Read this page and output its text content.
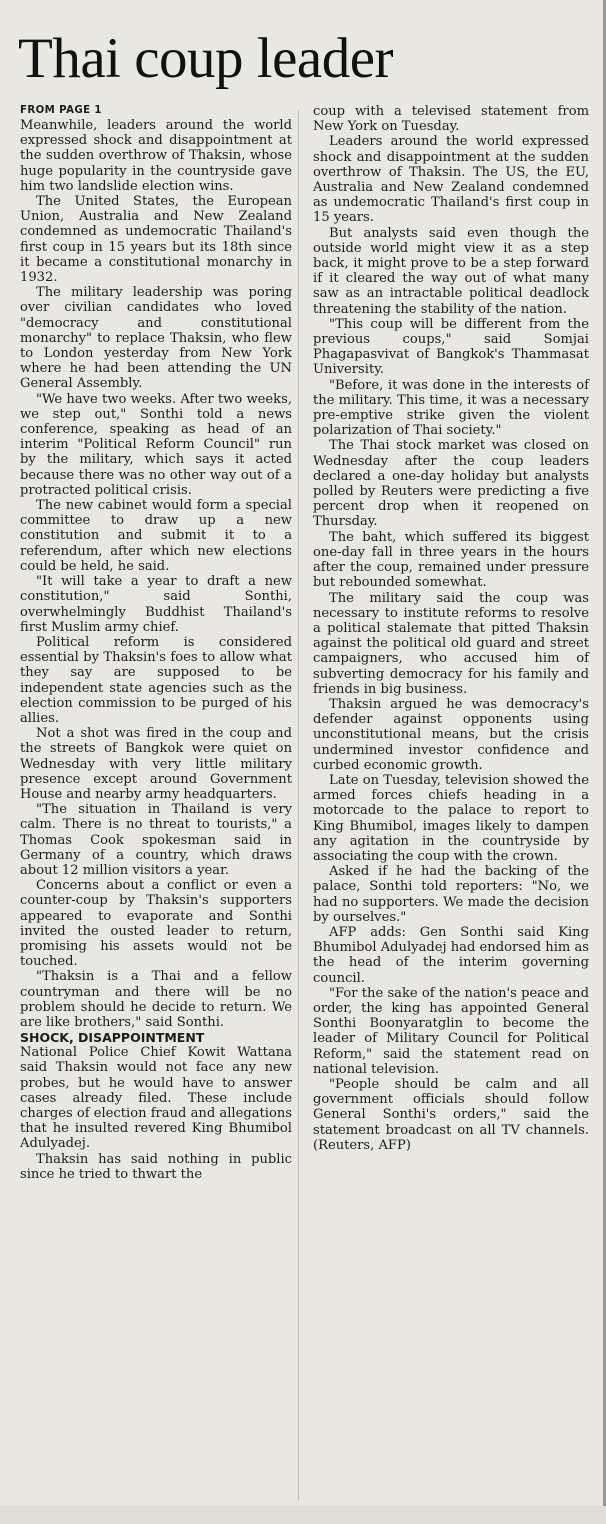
Thai coup leader
FROM PAGE 1

Meanwhile, leaders around the world expressed shock and disappointment at the sudden overthrow of Thaksin, whose huge popularity in the countryside gave him two landslide election wins.

The United States, the European Union, Australia and New Zealand condemned as undemocratic Thailand's first coup in 15 years but its 18th since it became a constitutional monarchy in 1932.

The military leadership was poring over civilian candidates who loved "democracy and constitutional monarchy" to replace Thaksin, who flew to London yesterday from New York where he had been attending the UN General Assembly.

"We have two weeks. After two weeks, we step out," Sonthi told a news conference, speaking as head of an interim "Political Reform Council" run by the military, which says it acted because there was no other way out of a protracted political crisis.

The new cabinet would form a special committee to draw up a new constitution and submit it to a referendum, after which new elections could be held, he said.

"It will take a year to draft a new constitution," said Sonthi, overwhelmingly Buddhist Thailand's first Muslim army chief.

Political reform is considered essential by Thaksin's foes to allow what they say are supposed to be independent state agencies such as the election commission to be purged of his allies.

Not a shot was fired in the coup and the streets of Bangkok were quiet on Wednesday with very little military presence except around Government House and nearby army headquarters.

"The situation in Thailand is very calm. There is no threat to tourists," a Thomas Cook spokesman said in Germany of a country, which draws about 12 million visitors a year.

Concerns about a conflict or even a counter-coup by Thaksin's supporters appeared to evaporate and Sonthi invited the ousted leader to return, promising his assets would not be touched.

"Thaksin is a Thai and a fellow countryman and there will be no problem should he decide to return. We are like brothers," said Sonthi.

SHOCK, DISAPPOINTMENT

National Police Chief Kowit Wattana said Thaksin would not face any new probes, but he would have to answer cases already filed. These include charges of election fraud and allegations that he insulted revered King Bhumibol Adulyadej.

Thaksin has said nothing in public since he tried to thwart the

coup with a televised statement from New York on Tuesday.

Leaders around the world expressed shock and disappointment at the sudden overthrow of Thaksin. The US, the EU, Australia and New Zealand condemned as undemocratic Thailand's first coup in 15 years.

But analysts said even though the outside world might view it as a step back, it might prove to be a step forward if it cleared the way out of what many saw as an intractable political deadlock threatening the stability of the nation.

"This coup will be different from the previous coups," said Somjai Phagapasvivat of Bangkok's Thammasat University.

"Before, it was done in the interests of the military. This time, it was a necessary pre-emptive strike given the violent polarization of Thai society."

The Thai stock market was closed on Wednesday after the coup leaders declared a one-day holiday but analysts polled by Reuters were predicting a five percent drop when it reopened on Thursday.

The baht, which suffered its biggest one-day fall in three years in the hours after the coup, remained under pressure but rebounded somewhat.

The military said the coup was necessary to institute reforms to resolve a political stalemate that pitted Thaksin against the political old guard and street campaigners, who accused him of subverting democracy for his family and friends in big business.

Thaksin argued he was democracy's defender against opponents using unconstitutional means, but the crisis undermined investor confidence and curbed economic growth.

Late on Tuesday, television showed the armed forces chiefs heading in a motorcade to the palace to report to King Bhumibol, images likely to dampen any agitation in the countryside by associating the coup with the crown.

Asked if he had the backing of the palace, Sonthi told reporters: "No, we had no supporters. We made the decision by ourselves."

AFP adds: Gen Sonthi said King Bhumibol Adulyadej had endorsed him as the head of the interim governing council.

"For the sake of the nation's peace and order, the king has appointed General Sonthi Boonyaratglin to become the leader of Military Council for Political Reform," said the statement read on national television.

"People should be calm and all government officials should follow General Sonthi's orders," said the statement broadcast on all TV channels. (Reuters, AFP)
